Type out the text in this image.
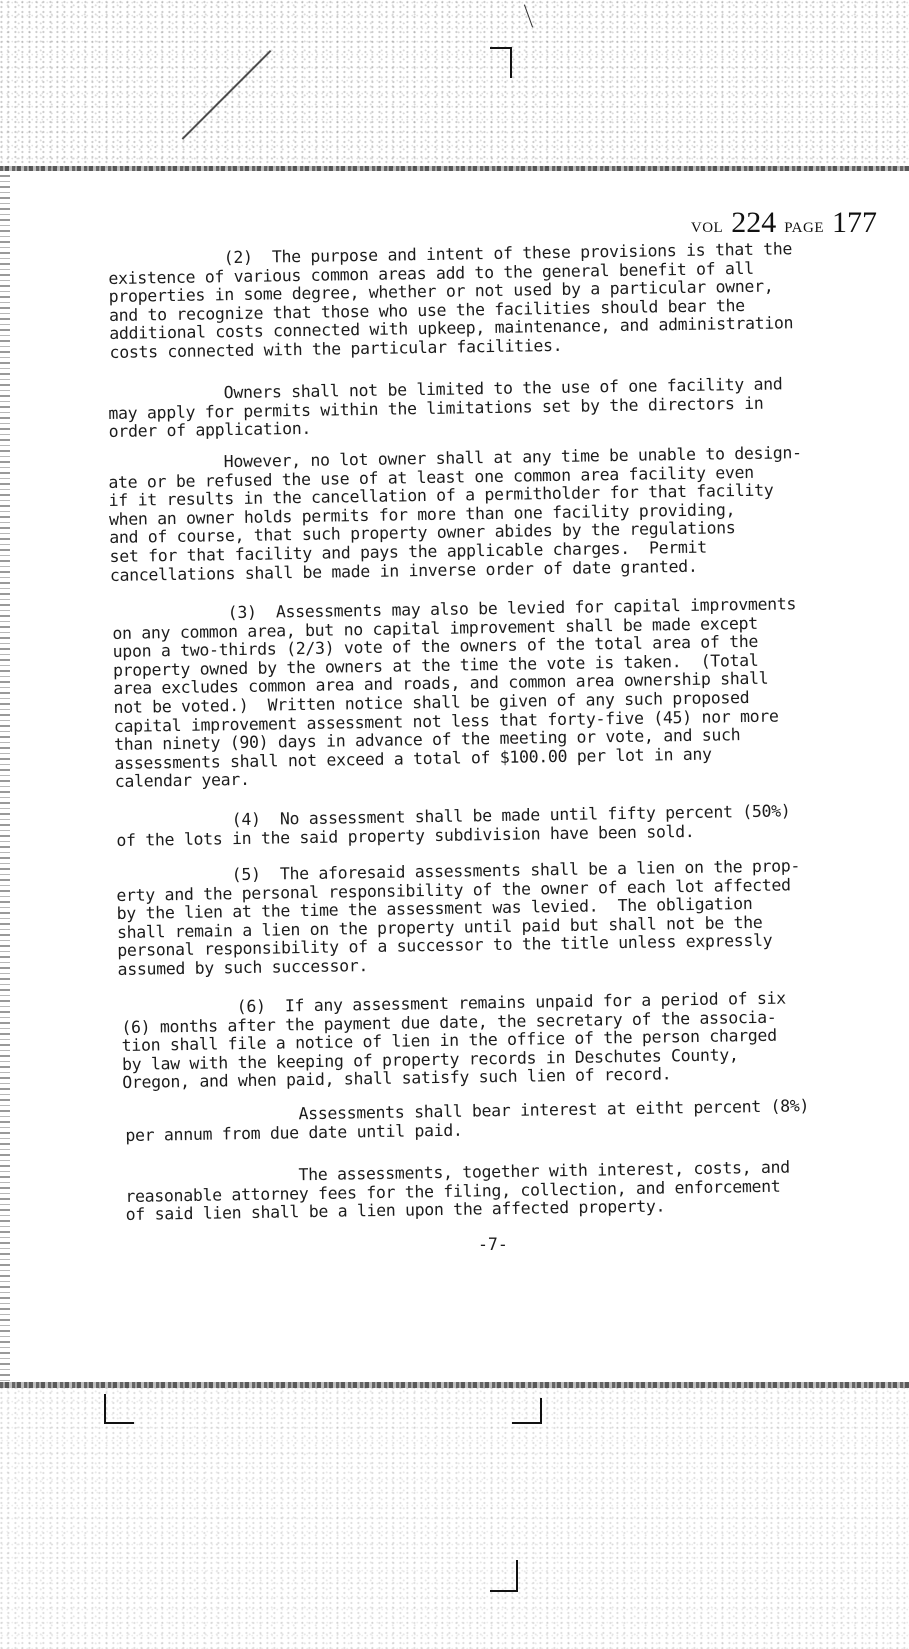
VOL 224 PAGE 177

(2)  The purpose and intent of these provisions is that the
existence of various common areas add to the general benefit of all
properties in some degree, whether or not used by a particular owner,
and to recognize that those who use the facilities should bear the
additional costs connected with upkeep, maintenance, and administration
costs connected with the particular facilities.

Owners shall not be limited to the use of one facility and
may apply for permits within the limitations set by the directors in
order of application.

However, no lot owner shall at any time be unable to design-
ate or be refused the use of at least one common area facility even
if it results in the cancellation of a permitholder for that facility
when an owner holds permits for more than one facility providing,
and of course, that such property owner abides by the regulations
set for that facility and pays the applicable charges.  Permit
cancellations shall be made in inverse order of date granted.

(3)  Assessments may also be levied for capital improvments
on any common area, but no capital improvement shall be made except
upon a two-thirds (2/3) vote of the owners of the total area of the
property owned by the owners at the time the vote is taken.  (Total
area excludes common area and roads, and common area ownership shall
not be voted.)  Written notice shall be given of any such proposed
capital improvement assessment not less that forty-five (45) nor more
than ninety (90) days in advance of the meeting or vote, and such
assessments shall not exceed a total of $100.00 per lot in any
calendar year.

(4)  No assessment shall be made until fifty percent (50%)
of the lots in the said property subdivision have been sold.

(5)  The aforesaid assessments shall be a lien on the prop-
erty and the personal responsibility of the owner of each lot affected
by the lien at the time the assessment was levied.  The obligation
shall remain a lien on the property until paid but shall not be the
personal responsibility of a successor to the title unless expressly
assumed by such successor.

(6)  If any assessment remains unpaid for a period of six
(6) months after the payment due date, the secretary of the associa-
tion shall file a notice of lien in the office of the person charged
by law with the keeping of property records in Deschutes County,
Oregon, and when paid, shall satisfy such lien of record.

Assessments shall bear interest at eitht percent (8%)
per annum from due date until paid.

The assessments, together with interest, costs, and
reasonable attorney fees for the filing, collection, and enforcement
of said lien shall be a lien upon the affected property.

-7-
